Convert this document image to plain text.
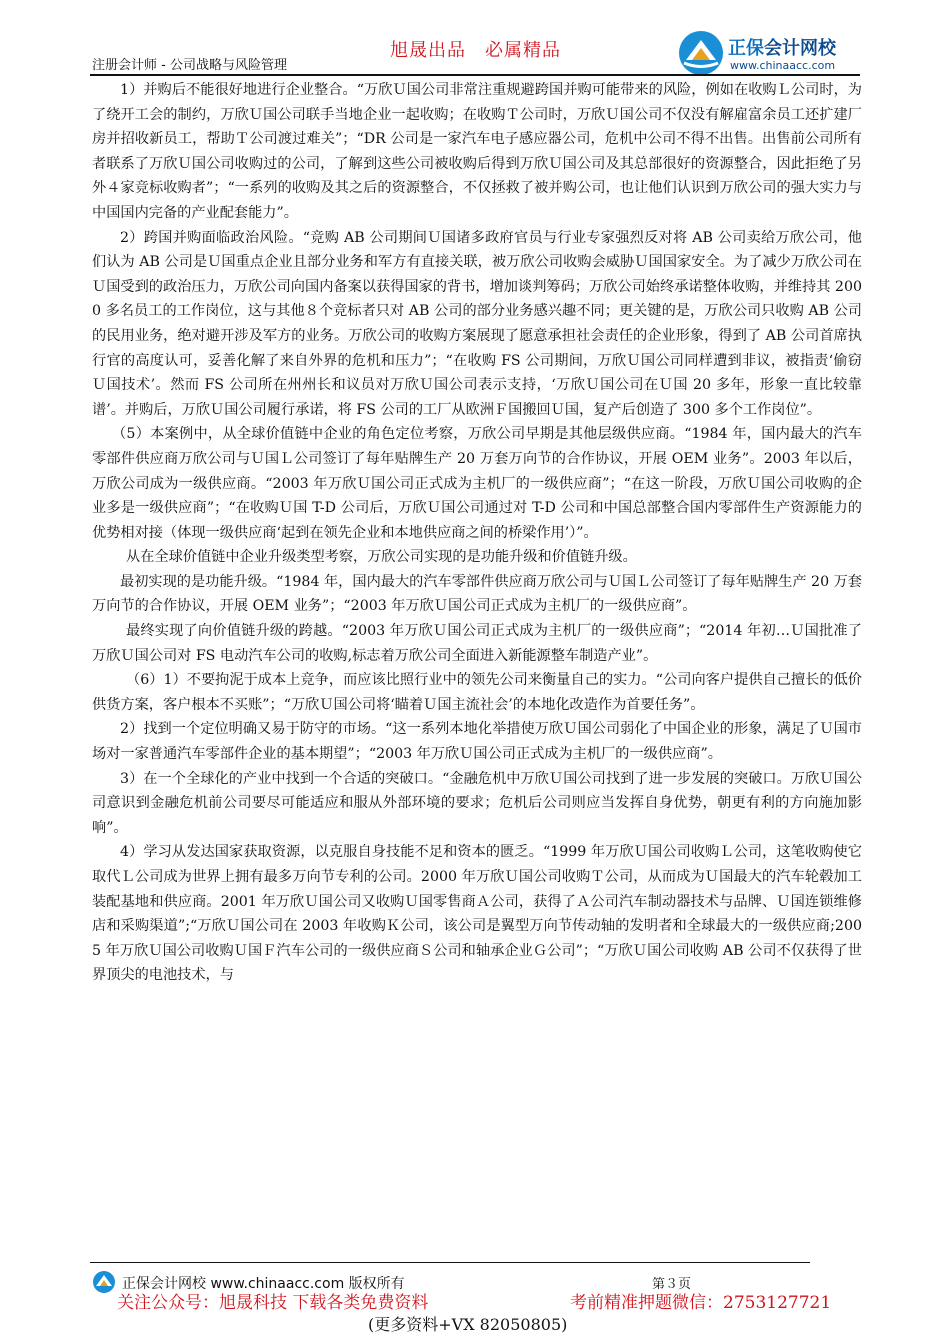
注册会计师 - 公司战略与风险管理
旭晟出品　必属精品	正保会计网校
www.chinaacc.com

1）并购后不能很好地进行企业整合。“万欣Ｕ国公司非常注重规避跨国并购可能带来的风险，例如在收购Ｌ公司时，为了绕开工会的制约，万欣Ｕ国公司联手当地企业一起收购；在收购Ｔ公司时，万欣Ｕ国公司不仅没有解雇富余员工还扩建厂房并招收新员工，帮助Ｔ公司渡过难关”；“DR 公司是一家汽车电子感应器公司，危机中公司不得不出售。出售前公司所有者联系了万欣Ｕ国公司收购过的公司，了解到这些公司被收购后得到万欣Ｕ国公司及其总部很好的资源整合，因此拒绝了另外４家竞标收购者”；“一系列的收购及其之后的资源整合，不仅拯救了被并购公司，也让他们认识到万欣公司的强大实力与中国国内完备的产业配套能力”。

2）跨国并购面临政治风险。“竞购 AB 公司期间Ｕ国诸多政府官员与行业专家强烈反对将 AB 公司卖给万欣公司，他们认为 AB 公司是Ｕ国重点企业且部分业务和军方有直接关联，被万欣公司收购会威胁Ｕ国国家安全。为了减少万欣公司在Ｕ国受到的政治压力，万欣公司向国内备案以获得国家的背书，增加谈判筹码；万欣公司始终承诺整体收购，并维持其 2000 多名员工的工作岗位，这与其他８个竞标者只对 AB 公司的部分业务感兴趣不同；更关键的是，万欣公司只收购 AB 公司的民用业务，绝对避开涉及军方的业务。万欣公司的收购方案展现了愿意承担社会责任的企业形象，得到了 AB 公司首席执行官的高度认可，妥善化解了来自外界的危机和压力”；“在收购 FS 公司期间，万欣Ｕ国公司同样遭到非议，被指责‘偷窃Ｕ国技术’。然而 FS 公司所在州州长和议员对万欣Ｕ国公司表示支持，‘万欣Ｕ国公司在Ｕ国 20 多年，形象一直比较靠谱’。并购后，万欣Ｕ国公司履行承诺，将 FS 公司的工厂从欧洲Ｆ国搬回Ｕ国，复产后创造了 300 多个工作岗位”。

（5）本案例中，从全球价值链中企业的角色定位考察，万欣公司早期是其他层级供应商。“1984 年，国内最大的汽车零部件供应商万欣公司与Ｕ国Ｌ公司签订了每年贴牌生产 20 万套万向节的合作协议，开展 OEM 业务”。2003 年以后，万欣公司成为一级供应商。“2003 年万欣Ｕ国公司正式成为主机厂的一级供应商”；“在这一阶段，万欣Ｕ国公司收购的企业多是一级供应商”；“在收购Ｕ国 T-D 公司后，万欣Ｕ国公司通过对 T-D 公司和中国总部整合国内零部件生产资源能力的优势相对接（体现一级供应商‘起到在领先企业和本地供应商之间的桥梁作用’）”。

从在全球价值链中企业升级类型考察，万欣公司实现的是功能升级和价值链升级。

最初实现的是功能升级。“1984 年，国内最大的汽车零部件供应商万欣公司与Ｕ国Ｌ公司签订了每年贴牌生产 20 万套万向节的合作协议，开展 OEM 业务”；“2003 年万欣Ｕ国公司正式成为主机厂的一级供应商”。

最终实现了向价值链升级的跨越。“2003 年万欣Ｕ国公司正式成为主机厂的一级供应商”；“2014 年初…Ｕ国批准了万欣Ｕ国公司对 FS 电动汽车公司的收购,标志着万欣公司全面进入新能源整车制造产业”。

（6）1）不要拘泥于成本上竞争，而应该比照行业中的领先公司来衡量自己的实力。“公司向客户提供自己擅长的低价供货方案，客户根本不买账”；“万欣Ｕ国公司将‘瞄着Ｕ国主流社会’的本地化改造作为首要任务”。

2）找到一个定位明确又易于防守的市场。“这一系列本地化举措使万欣Ｕ国公司弱化了中国企业的形象，满足了Ｕ国市场对一家普通汽车零部件企业的基本期望”；“2003 年万欣Ｕ国公司正式成为主机厂的一级供应商”。

3）在一个全球化的产业中找到一个合适的突破口。“金融危机中万欣Ｕ国公司找到了进一步发展的突破口。万欣Ｕ国公司意识到金融危机前公司要尽可能适应和服从外部环境的要求；危机后公司则应当发挥自身优势，朝更有利的方向施加影响”。

4）学习从发达国家获取资源，以克服自身技能不足和资本的匮乏。“1999 年万欣Ｕ国公司收购Ｌ公司，这笔收购使它取代Ｌ公司成为世界上拥有最多万向节专利的公司。2000 年万欣Ｕ国公司收购Ｔ公司，从而成为Ｕ国最大的汽车轮毂加工装配基地和供应商。2001 年万欣Ｕ国公司又收购Ｕ国零售商Ａ公司，获得了Ａ公司汽车制动器技术与品牌、Ｕ国连锁维修店和采购渠道”;“万欣Ｕ国公司在 2003 年收购Ｋ公司，该公司是翼型万向节传动轴的发明者和全球最大的一级供应商;2005 年万欣Ｕ国公司收购Ｕ国Ｆ汽车公司的一级供应商Ｓ公司和轴承企业Ｇ公司”；“万欣Ｕ国公司收购 AB 公司不仅获得了世界顶尖的电池技术，与

正保会计网校 www.chinaacc.com 版权所有	第３页
关注公众号：旭晟科技 下载各类免费资料	考前精准押题微信：2753127721
(更多资料+VX 82050805)
